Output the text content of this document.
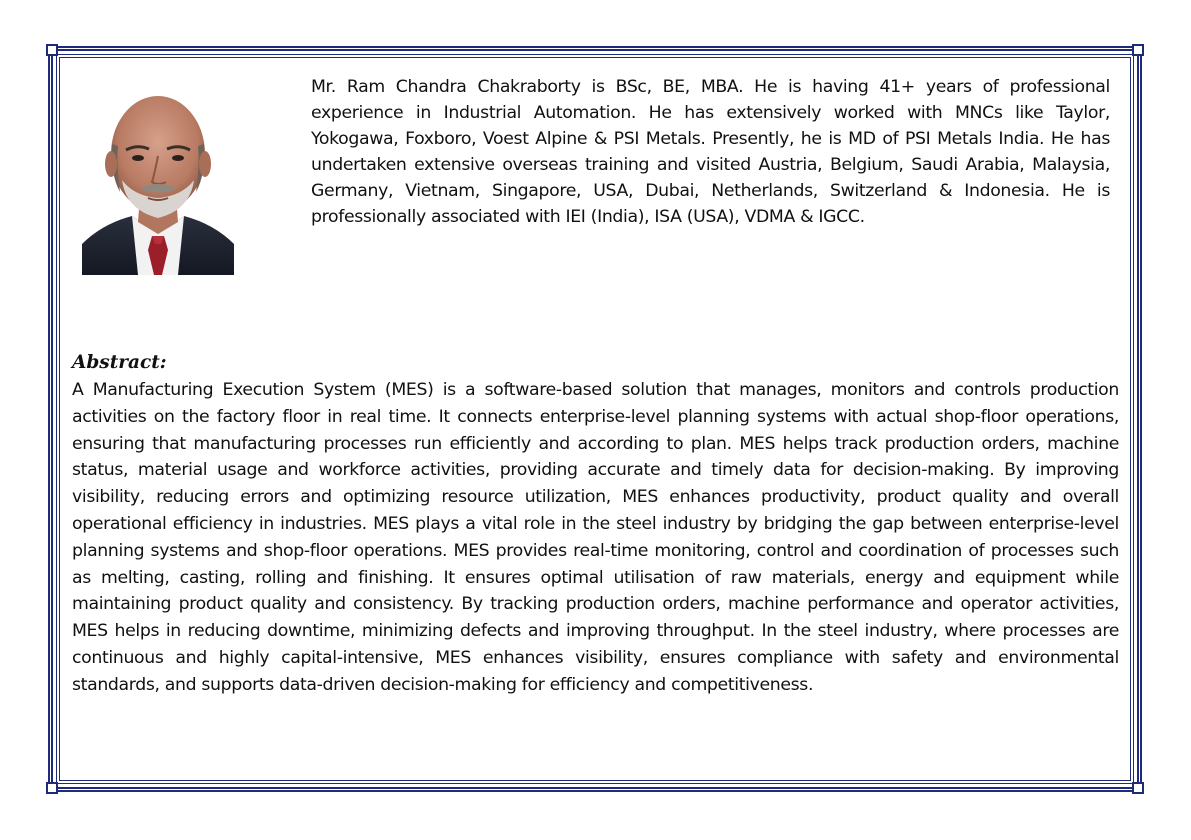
Mr. Ram Chandra Chakraborty is BSc, BE, MBA. He is having 41+ years of professional experience in Industrial Automation. He has extensively worked with MNCs like Taylor, Yokogawa, Foxboro, Voest Alpine & PSI Metals. Presently, he is MD of PSI Metals India. He has undertaken extensive overseas training and visited Austria, Belgium, Saudi Arabia, Malaysia, Germany, Vietnam, Singapore, USA, Dubai, Netherlands, Switzerland & Indonesia. He is professionally associated with IEI (India), ISA (USA), VDMA & IGCC.

Abstract:

A Manufacturing Execution System (MES) is a software-based solution that manages, monitors and controls production activities on the factory floor in real time. It connects enterprise-level planning systems with actual shop-floor operations, ensuring that manufacturing processes run efficiently and according to plan. MES helps track production orders, machine status, material usage and workforce activities, providing accurate and timely data for decision-making. By improving visibility, reducing errors and optimizing resource utilization, MES enhances productivity, product quality and overall operational efficiency in industries. MES plays a vital role in the steel industry by bridging the gap between enterprise-level planning systems and shop-floor operations. MES provides real-time monitoring, control and coordination of processes such as melting, casting, rolling and finishing. It ensures optimal utilisation of raw materials, energy and equipment while maintaining product quality and consistency. By tracking production orders, machine performance and operator activities, MES helps in reducing downtime, minimizing defects and improving throughput. In the steel industry, where processes are continuous and highly capital-intensive, MES enhances visibility, ensures compliance with safety and environmental standards, and supports data-driven decision-making for efficiency and competitiveness.
